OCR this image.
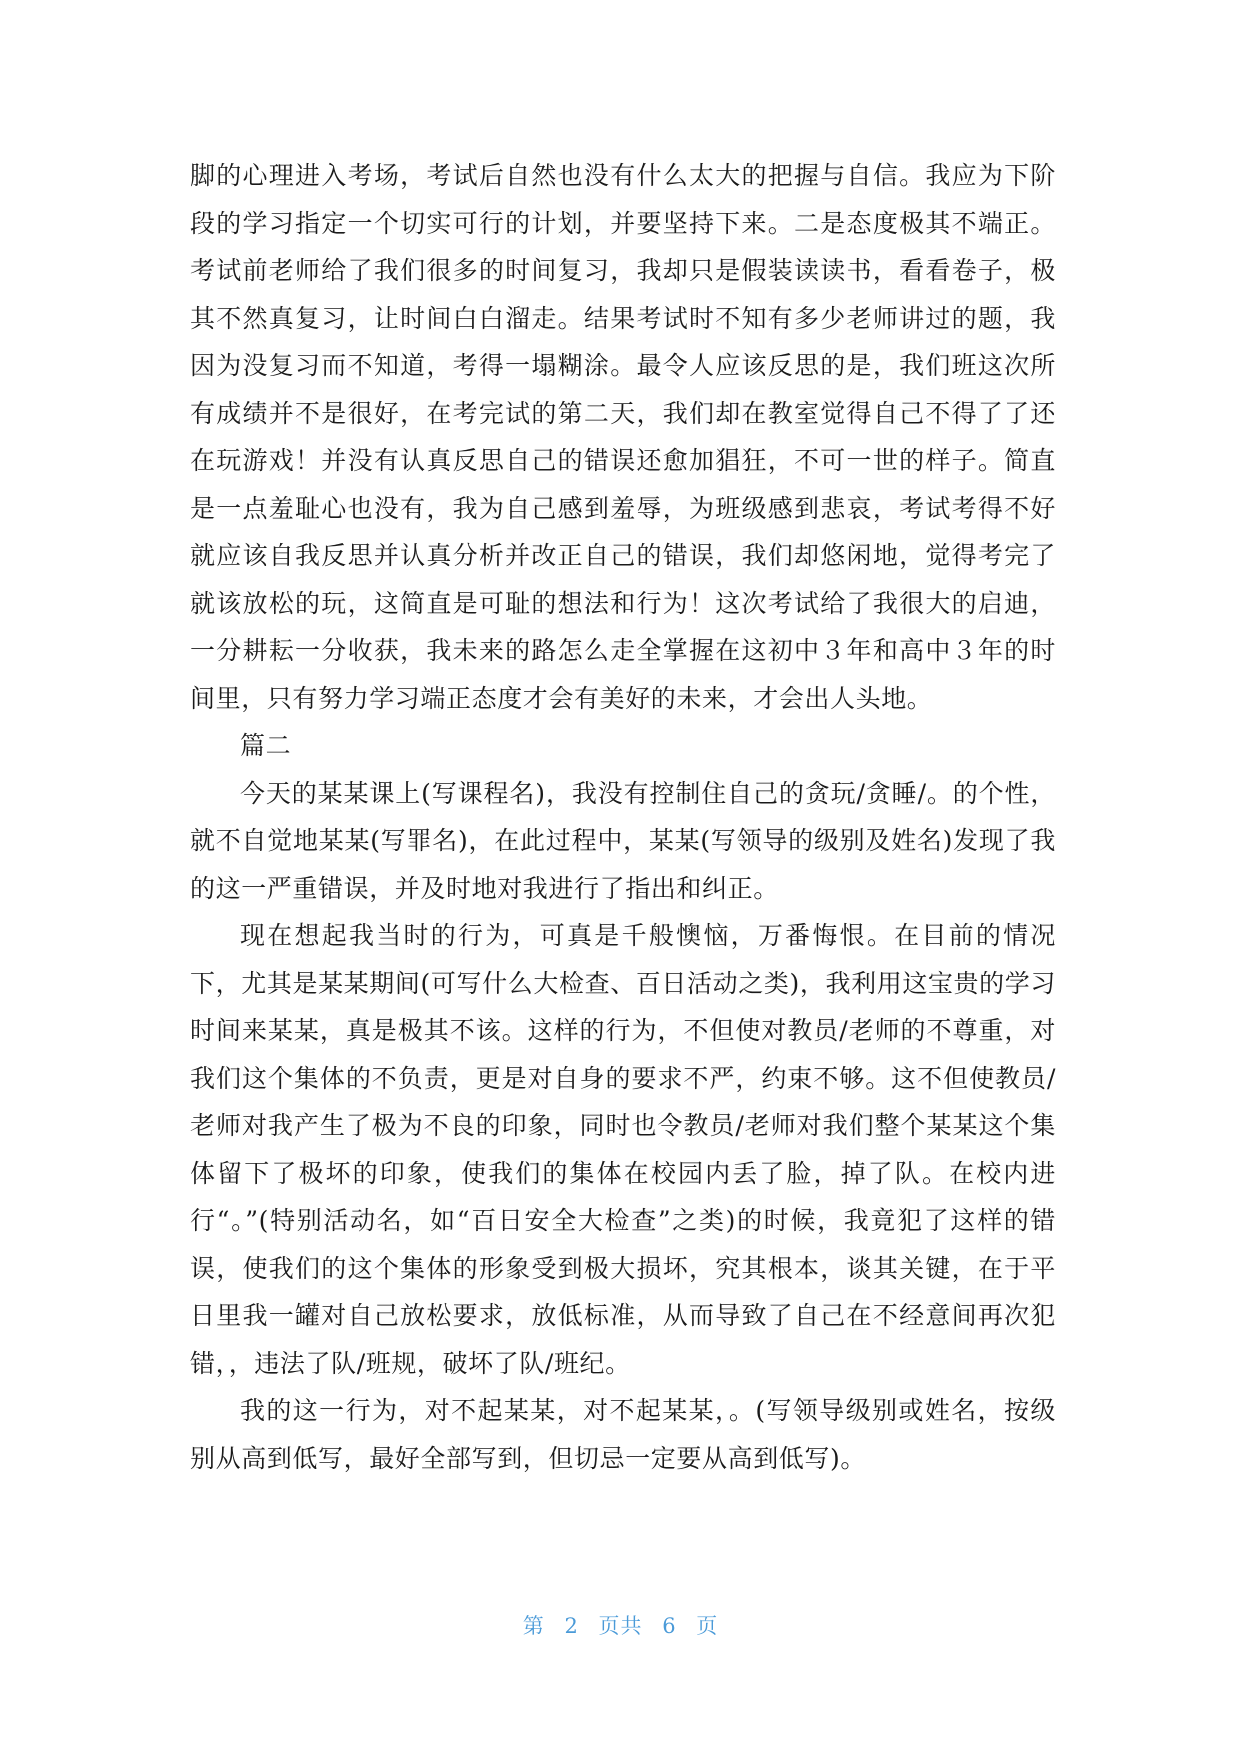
脚的心理进入考场，考试后自然也没有什么太大的把握与自信。我应为下阶段的学习指定一个切实可行的计划，并要坚持下来。二是态度极其不端正。考试前老师给了我们很多的时间复习，我却只是假装读读书，看看卷子，极其不然真复习，让时间白白溜走。结果考试时不知有多少老师讲过的题，我因为没复习而不知道，考得一塌糊涂。最令人应该反思的是，我们班这次所有成绩并不是很好，在考完试的第二天，我们却在教室觉得自己不得了了还在玩游戏！并没有认真反思自己的错误还愈加猖狂，不可一世的样子。简直是一点羞耻心也没有，我为自己感到羞辱，为班级感到悲哀，考试考得不好就应该自我反思并认真分析并改正自己的错误，我们却悠闲地，觉得考完了就该放松的玩，这简直是可耻的想法和行为！这次考试给了我很大的启迪，一分耕耘一分收获，我未来的路怎么走全掌握在这初中３年和高中３年的时间里，只有努力学习端正态度才会有美好的未来，才会出人头地。

篇二

今天的某某课上(写课程名)，我没有控制住自己的贪玩/贪睡/。的个性，就不自觉地某某(写罪名)，在此过程中，某某(写领导的级别及姓名)发现了我的这一严重错误，并及时地对我进行了指出和纠正。

现在想起我当时的行为，可真是千般懊恼，万番悔恨。在目前的情况下，尤其是某某期间(可写什么大检查、百日活动之类)，我利用这宝贵的学习时间来某某，真是极其不该。这样的行为，不但使对教员/老师的不尊重，对我们这个集体的不负责，更是对自身的要求不严，约束不够。这不但使教员/老师对我产生了极为不良的印象，同时也令教员/老师对我们整个某某这个集体留下了极坏的印象，使我们的集体在校园内丢了脸，掉了队。在校内进行“。”(特别活动名，如“百日安全大检查”之类)的时候，我竟犯了这样的错误，使我们的这个集体的形象受到极大损坏，究其根本，谈其关键，在于平日里我一罐对自己放松要求，放低标准，从而导致了自己在不经意间再次犯错，，违法了队/班规，破坏了队/班纪。

我的这一行为，对不起某某，对不起某某，。(写领导级别或姓名，按级别从高到低写，最好全部写到，但切忌一定要从高到低写)。

第 2 页共 6 页
